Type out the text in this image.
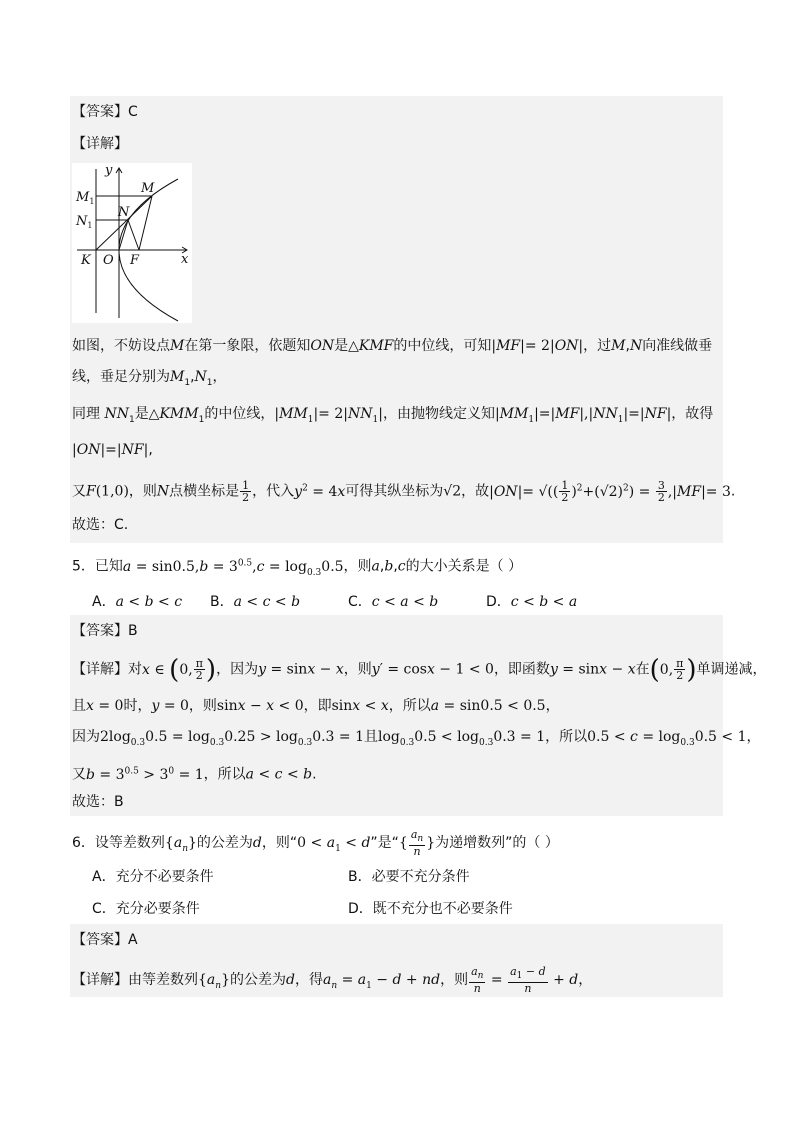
【答案】C
【详解】
y
x
$M_1$
$N_1$
M
N
K O F
如图，不妨设点M在第一象限，依题知ON是△KMF的中位线，可知|MF|= 2|ON|，过M,N向准线做垂
线，垂足分别为$M_1,N_1$，
同理 $NN_1$是$\triangle KMM_1$的中位线，$|MM_1|= 2|NN_1|$，由抛物线定义知$|MM_1|=|MF|,|NN_1|=|NF|$，故得
|ON|=|NF|,
又F(1,0)，则N点横坐标是 $\frac{1}{2}$ ，代入$y^2 = 4x$可得其纵坐标为√2，故|ON|= √(( $\frac{1}{2} )^2+(√2)^2) = \frac{3}{2} ,|MF|= 3$.
故选：C.
5．已知$a = \sin 0.5,b = 3^{0.5},c = \log_{0.3}0.5$，则a,b,c的大小关系是（ ）
A．a < b < c B．a < c < b	C．c < a < b	D．c < b < a
【答案】B
【详解】对x ∈ (0, $\frac{\pi}{2}$ )，因为y = sinx − x，则y′ = cosx − 1 < 0，即函数y = sinx − x在(0, $\frac{\pi}{2}$ )单调递减，
且x = 0时，y = 0，则sinx − x < 0，即sinx < x，所以a = sin0.5 < 0.5，
因为$2\log_{0.3}0.5 = \log_{0.3}0.25 > \log_{0.3}0.3 = 1$且$\log_{0.3}0.5 < \log_{0.3}0.3 = 1$，所以$0.5 < c = \log_{0.3}0.5 < 1$，
又$b = 3^{0.5} > 3^0 = 1$，所以a < c < b.
故选：B
6．设等差数列$\{a_n\}$的公差为d，则“$0 < a_1 < d$”是“{ $\frac{a_n}{n}$ }为递增数列”的（ ）
A．充分不必要条件	B．必要不充分条件
C．充分必要条件	D．既不充分也不必要条件
【答案】A
【详解】由等差数列$\{a_n\}$的公差为d，得$a_n = a_1 - d$ + nd，则 $\frac{a_n}{n} = \frac{a_1 - d}{n} + d$，
